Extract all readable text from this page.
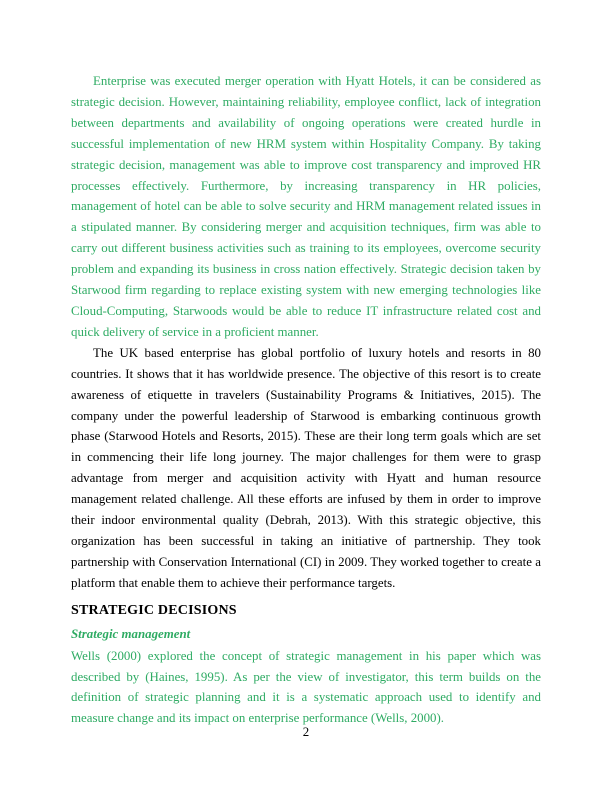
Enterprise was executed merger operation with Hyatt Hotels, it can be considered as strategic decision. However, maintaining reliability, employee conflict, lack of integration between departments and availability of ongoing operations were created hurdle in successful implementation of new HRM system within Hospitality Company. By taking strategic decision, management was able to improve cost transparency and improved HR processes effectively. Furthermore, by increasing transparency in HR policies, management of hotel can be able to solve security and HRM management related issues in a stipulated manner. By considering merger and acquisition techniques, firm was able to carry out different business activities such as training to its employees, overcome security problem and expanding its business in cross nation effectively. Strategic decision taken by Starwood firm regarding to replace existing system with new emerging technologies like Cloud-Computing, Starwoods would be able to reduce IT infrastructure related cost and quick delivery of service in a proficient manner.

The UK based enterprise has global portfolio of luxury hotels and resorts in 80 countries. It shows that it has worldwide presence. The objective of this resort is to create awareness of etiquette in travelers (Sustainability Programs & Initiatives, 2015). The company under the powerful leadership of Starwood is embarking continuous growth phase (Starwood Hotels and Resorts, 2015). These are their long term goals which are set in commencing their life long journey. The major challenges for them were to grasp advantage from merger and acquisition activity with Hyatt and human resource management related challenge. All these efforts are infused by them in order to improve their indoor environmental quality (Debrah, 2013). With this strategic objective, this organization has been successful in taking an initiative of partnership. They took partnership with Conservation International (CI) in 2009. They worked together to create a platform that enable them to achieve their performance targets.

STRATEGIC DECISIONS
Strategic management

Wells (2000) explored the concept of strategic management in his paper which was described by (Haines, 1995). As per the view of investigator, this term builds on the definition of strategic planning and it is a systematic approach used to identify and measure change and its impact on enterprise performance (Wells, 2000).

2
